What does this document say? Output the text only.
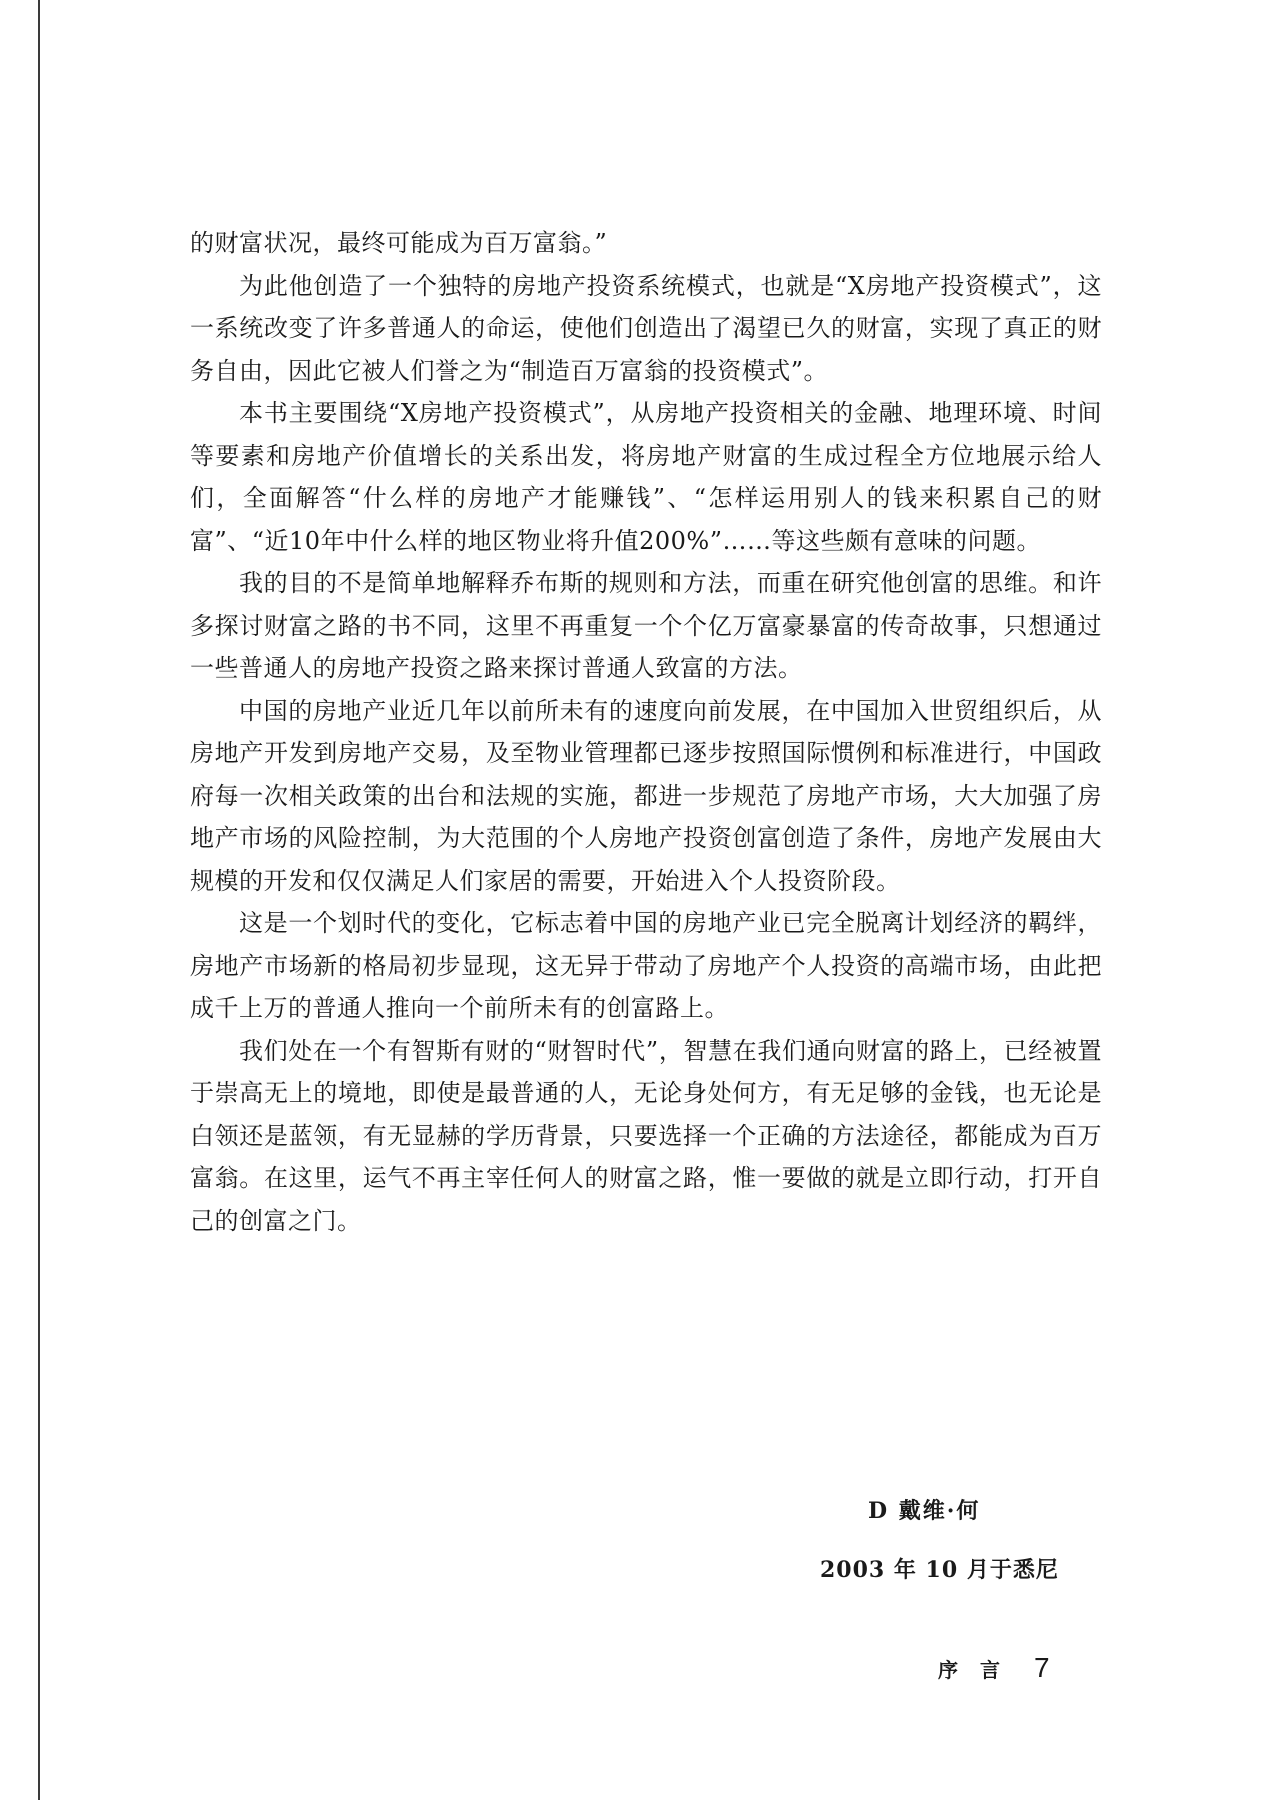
的财富状况，最终可能成为百万富翁。”

为此他创造了一个独特的房地产投资系统模式，也就是“X房地产投资模式”，这一系统改变了许多普通人的命运，使他们创造出了渴望已久的财富，实现了真正的财务自由，因此它被人们誉之为“制造百万富翁的投资模式”。

本书主要围绕“X房地产投资模式”，从房地产投资相关的金融、地理环境、时间等要素和房地产价值增长的关系出发，将房地产财富的生成过程全方位地展示给人们，全面解答“什么样的房地产才能赚钱”、“怎样运用别人的钱来积累自己的财富”、“近10年中什么样的地区物业将升值200%”……等这些颇有意味的问题。

我的目的不是简单地解释乔布斯的规则和方法，而重在研究他创富的思维。和许多探讨财富之路的书不同，这里不再重复一个个亿万富豪暴富的传奇故事，只想通过一些普通人的房地产投资之路来探讨普通人致富的方法。

中国的房地产业近几年以前所未有的速度向前发展，在中国加入世贸组织后，从房地产开发到房地产交易，及至物业管理都已逐步按照国际惯例和标准进行，中国政府每一次相关政策的出台和法规的实施，都进一步规范了房地产市场，大大加强了房地产市场的风险控制，为大范围的个人房地产投资创富创造了条件，房地产发展由大规模的开发和仅仅满足人们家居的需要，开始进入个人投资阶段。

这是一个划时代的变化，它标志着中国的房地产业已完全脱离计划经济的羁绊，房地产市场新的格局初步显现，这无异于带动了房地产个人投资的高端市场，由此把成千上万的普通人推向一个前所未有的创富路上。

我们处在一个有智斯有财的“财智时代”，智慧在我们通向财富的路上，已经被置于崇高无上的境地，即使是最普通的人，无论身处何方，有无足够的金钱，也无论是白领还是蓝领，有无显赫的学历背景，只要选择一个正确的方法途径，都能成为百万富翁。在这里，运气不再主宰任何人的财富之路，惟一要做的就是立即行动，打开自己的创富之门。

D 戴维·何
2003 年 10 月于悉尼
序言 7
